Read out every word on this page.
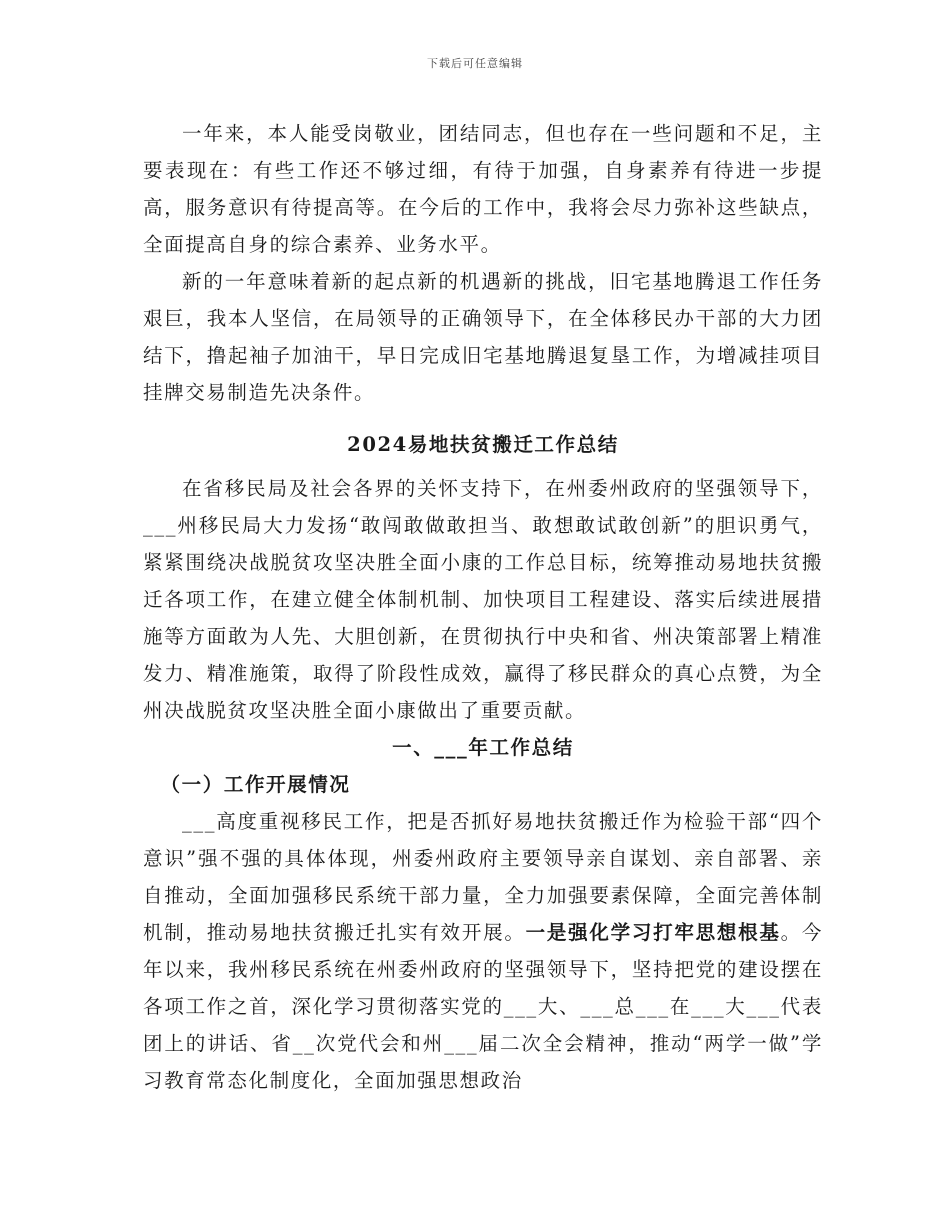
下载后可任意编辑

一年来，本人能受岗敬业，团结同志，但也存在一些问题和不足，主要表现在：有些工作还不够过细，有待于加强，自身素养有待进一步提高，服务意识有待提高等。在今后的工作中，我将会尽力弥补这些缺点，全面提高自身的综合素养、业务水平。

新的一年意味着新的起点新的机遇新的挑战，旧宅基地腾退工作任务艰巨，我本人坚信，在局领导的正确领导下，在全体移民办干部的大力团结下，撸起袖子加油干，早日完成旧宅基地腾退复垦工作，为增减挂项目挂牌交易制造先决条件。

2024易地扶贫搬迁工作总结

在省移民局及社会各界的关怀支持下，在州委州政府的坚强领导下，___州移民局大力发扬“敢闯敢做敢担当、敢想敢试敢创新”的胆识勇气，紧紧围绕决战脱贫攻坚决胜全面小康的工作总目标，统筹推动易地扶贫搬迁各项工作，在建立健全体制机制、加快项目工程建设、落实后续进展措施等方面敢为人先、大胆创新，在贯彻执行中央和省、州决策部署上精准发力、精准施策，取得了阶段性成效，赢得了移民群众的真心点赞，为全州决战脱贫攻坚决胜全面小康做出了重要贡献。

一、___年工作总结

（一）工作开展情况

___高度重视移民工作，把是否抓好易地扶贫搬迁作为检验干部“四个意识”强不强的具体体现，州委州政府主要领导亲自谋划、亲自部署、亲自推动，全面加强移民系统干部力量，全力加强要素保障，全面完善体制机制，推动易地扶贫搬迁扎实有效开展。一是强化学习打牢思想根基。今年以来，我州移民系统在州委州政府的坚强领导下，坚持把党的建设摆在各项工作之首，深化学习贯彻落实党的___大、___总___在___大___代表团上的讲话、省__次党代会和州___届二次全会精神，推动“两学一做”学习教育常态化制度化，全面加强思想政治
